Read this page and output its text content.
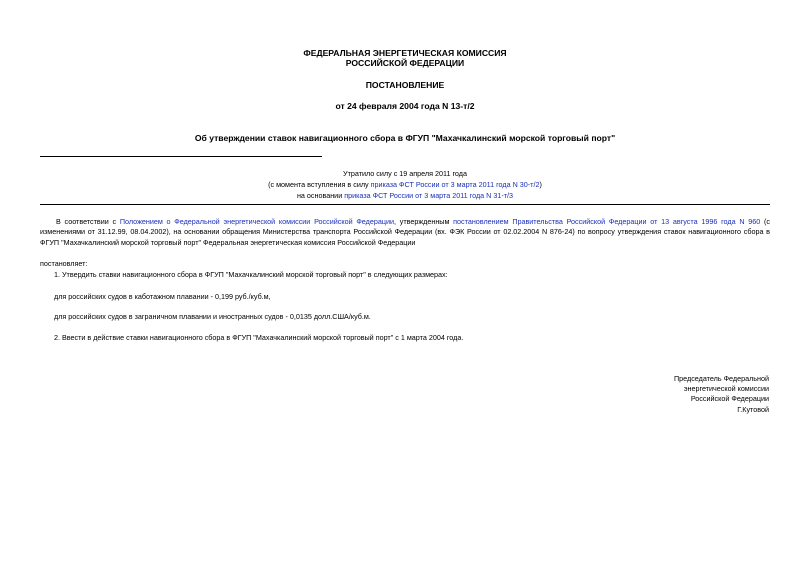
ФЕДЕРАЛЬНАЯ ЭНЕРГЕТИЧЕСКАЯ КОМИССИЯ
РОССИЙСКОЙ ФЕДЕРАЦИИ
ПОСТАНОВЛЕНИЕ
от 24 февраля 2004 года N 13-т/2
Об утверждении ставок навигационного сбора в ФГУП "Махачкалинский морской торговый порт"
Утратило силу с 19 апреля 2011 года
(с момента вступления в силу приказа ФСТ России от 3 марта 2011 года N 30-т/2)
на основании приказа ФСТ России от 3 марта 2011 года N 31-т/3
В соответствии с Положением о Федеральной энергетической комиссии Российской Федерации, утвержденным постановлением Правительства Российской Федерации от 13 августа 1996 года N 960 (с изменениями от 31.12.99, 08.04.2002), на основании обращения Министерства транспорта Российской Федерации (вх. ФЭК России от 02.02.2004 N 876-24) по вопросу утверждения ставок навигационного сбора в ФГУП "Махачкалинский морской торговый порт" Федеральная энергетическая комиссия Российской Федерации
постановляет:
1. Утвердить ставки навигационного сбора в ФГУП "Махачкалинский морской торговый порт" в следующих размерах:
для российских судов в каботажном плавании - 0,199 руб./куб.м,
для российских судов в заграничном плавании и иностранных судов - 0,0135 долл.США/куб.м.
2. Ввести в действие ставки навигационного сбора в ФГУП "Махачкалинский морской торговый порт" с 1 марта 2004 года.
Председатель Федеральной
энергетической комиссии
Российской Федерации
Г.Кутовой
